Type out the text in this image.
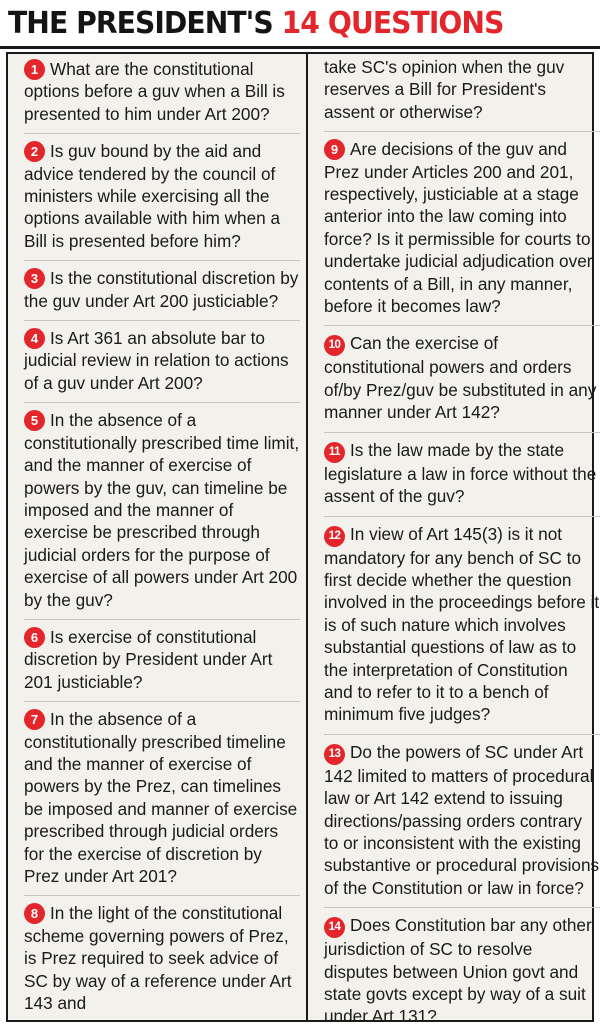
THE PRESIDENT'S 14 QUESTIONS
1 What are the constitutional options before a guv when a Bill is presented to him under Art 200?
2 Is guv bound by the aid and advice tendered by the council of ministers while exercising all the options available with him when a Bill is presented before him?
3 Is the constitutional discretion by the guv under Art 200 justiciable?
4 Is Art 361 an absolute bar to judicial review in relation to actions of a guv under Art 200?
5 In the absence of a constitutionally prescribed time limit, and the manner of exercise of powers by the guv, can timeline be imposed and the manner of exercise be prescribed through judicial orders for the purpose of exercise of all powers under Art 200 by the guv?
6 Is exercise of constitutional discretion by President under Art 201 justiciable?
7 In the absence of a constitutionally prescribed timeline and the manner of exercise of powers by the Prez, can timelines be imposed and manner of exercise prescribed through judicial orders for the exercise of discretion by Prez under Art 201?
8 In the light of the constitutional scheme governing powers of Prez, is Prez required to seek advice of SC by way of a reference under Art 143 and
take SC's opinion when the guv reserves a Bill for President's assent or otherwise?
9 Are decisions of the guv and Prez under Articles 200 and 201, respectively, justiciable at a stage anterior into the law coming into force? Is it permissible for courts to undertake judicial adjudication over contents of a Bill, in any manner, before it becomes law?
10 Can the exercise of constitutional powers and orders of/by Prez/guv be substituted in any manner under Art 142?
11 Is the law made by the state legislature a law in force without the assent of the guv?
12 In view of Art 145(3) is it not mandatory for any bench of SC to first decide whether the question involved in the proceedings before it is of such nature which involves substantial questions of law as to the interpretation of Constitution and to refer to it to a bench of minimum five judges?
13 Do the powers of SC under Art 142 limited to matters of procedural law or Art 142 extend to issuing directions/passing orders contrary to or inconsistent with the existing substantive or procedural provisions of the Constitution or law in force?
14 Does Constitution bar any other jurisdiction of SC to resolve disputes between Union govt and state govts except by way of a suit under Art 131?
